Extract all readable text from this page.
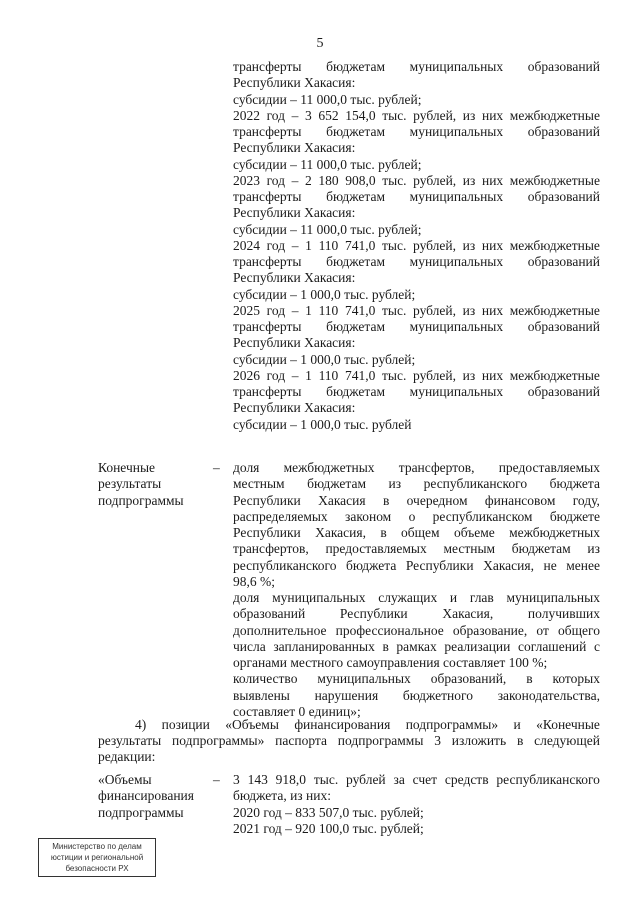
5
трансферты бюджетам муниципальных образований
Республики Хакасия:
субсидии – 11 000,0 тыс. рублей;
2022 год – 3 652 154,0 тыс. рублей, из них межбюджетные
трансферты бюджетам муниципальных образований
Республики Хакасия:
субсидии – 11 000,0 тыс. рублей;
2023 год – 2 180 908,0 тыс. рублей, из них межбюджетные
трансферты бюджетам муниципальных образований
Республики Хакасия:
субсидии – 11 000,0 тыс. рублей;
2024 год – 1 110 741,0 тыс. рублей, из них межбюджетные
трансферты бюджетам муниципальных образований
Республики Хакасия:
субсидии – 1 000,0 тыс. рублей;
2025 год – 1 110 741,0 тыс. рублей, из них межбюджетные
трансферты бюджетам муниципальных образований
Республики Хакасия:
субсидии – 1 000,0 тыс. рублей;
2026 год – 1 110 741,0 тыс. рублей, из них межбюджетные
трансферты бюджетам муниципальных образований
Республики Хакасия:
субсидии – 1 000,0 тыс. рублей
Конечные
результаты
подпрограммы
– доля межбюджетных трансфертов, предоставляемых
местным бюджетам из республиканского бюджета
Республики Хакасия в очередном финансовом году,
распределяемых законом о республиканском бюджете
Республики Хакасия, в общем объеме межбюджетных
трансфертов, предоставляемых местным бюджетам из
республиканского бюджета Республики Хакасия, не менее
98,6 %;
доля муниципальных служащих и глав муниципальных
образований	Республики	Хакасия,	получивших
дополнительное профессиональное образование, от общего
числа запланированных в рамках реализации соглашений с
органами местного самоуправления составляет 100 %;
количество муниципальных образований, в которых
выявлены нарушения бюджетного законодательства,
составляет 0 единиц»;
4) позиции «Объемы финансирования подпрограммы» и «Конечные
результаты подпрограммы» паспорта подпрограммы 3 изложить в следующей
редакции:
«Объемы
финансирования
подпрограммы
– 3 143 918,0 тыс. рублей за счет средств республиканского
бюджета, из них:
2020 год – 833 507,0 тыс. рублей;
2021 год – 920 100,0 тыс. рублей;
Министерство по делам
юстиции и региональной
безопасности РХ
